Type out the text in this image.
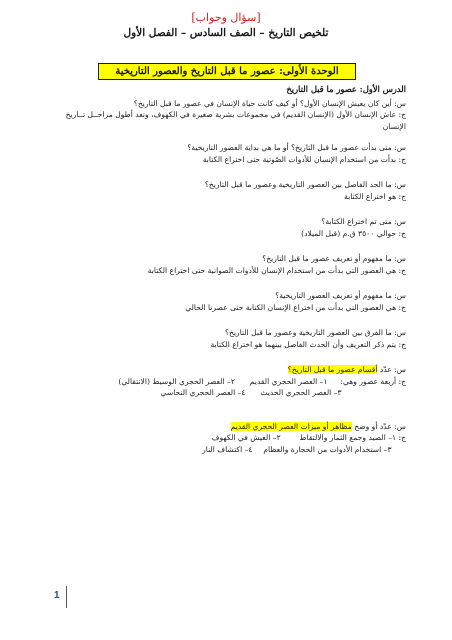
[سؤال وجواب]
تلخيص التاريخ – الصف السادس – الفصل الأول
الوحدة الأولى: عصور ما قبل التاريخ والعصور التاريخية
الدرس الأول: عصور ما قبل التاريخ
س: أين كان يعيش الإنسان الأول؟ أو كيف كانت حياة الإنسان في عصور ما قبل التاريخ؟
ج: عاش الإنسان الأول (الإنسان القديم) في مجموعات بشرية صغيرة في الكهوف، وتعد أطول مراحــل تــاريخ الإنسان
س: متى بدأت عصور ما قبل التاريخ؟ أو ما هي بداية العصور التاريخية؟
ج: بدأت من استخدام الإنسان للأدوات الصّوتية حتى اختراع الكتابة
س: ما الحد الفاصل بين العصور التاريخية وعصور ما قبل التاريخ؟
ج: هو اختراع الكتابة
س: متى تم اختراع الكتابة؟
ج: حوالي ٣٥٠٠ ق.م (قبل الميلاد)
س: ما مفهوم أو تعريف عصور ما قبل التاريخ؟
ج: هي العصور التي بدأت من استخدام الإنسان للأدوات الصوانية حتى اختراع الكتابة
س: ما مفهوم أو تعريف العصور التاريخية؟
ج: هي العصور التي بدأت من اختراع الإنسان الكتابة حتى عصرنا الحالي
س: ما الفرق بين العصور التاريخية وعصور ما قبل التاريخ؟
ج: يتم ذكر التعريف وأن الحدث الفاصل بينهما هو اختراع الكتابة
س: عدّد أقسام عصور ما قبل التاريخ؟
ج: أربعة عصور وهي:  ١– العصر الحجري القديم  ٢– العصر الحجري الوسيط (الانتقالي)
٣– العصر الحجري الحديث  ٤– العصر الحجري النحاسي
س: عدّد أو وضح مظاهر أو ميزات العصر الحجري القديم
ج: ١– الصيد وجمع الثمار والالتقاط  ٢– العيش في الكهوف
٣– استخدام الأدوات من الحجارة والعظام  ٤– اكتشاف النار
1
